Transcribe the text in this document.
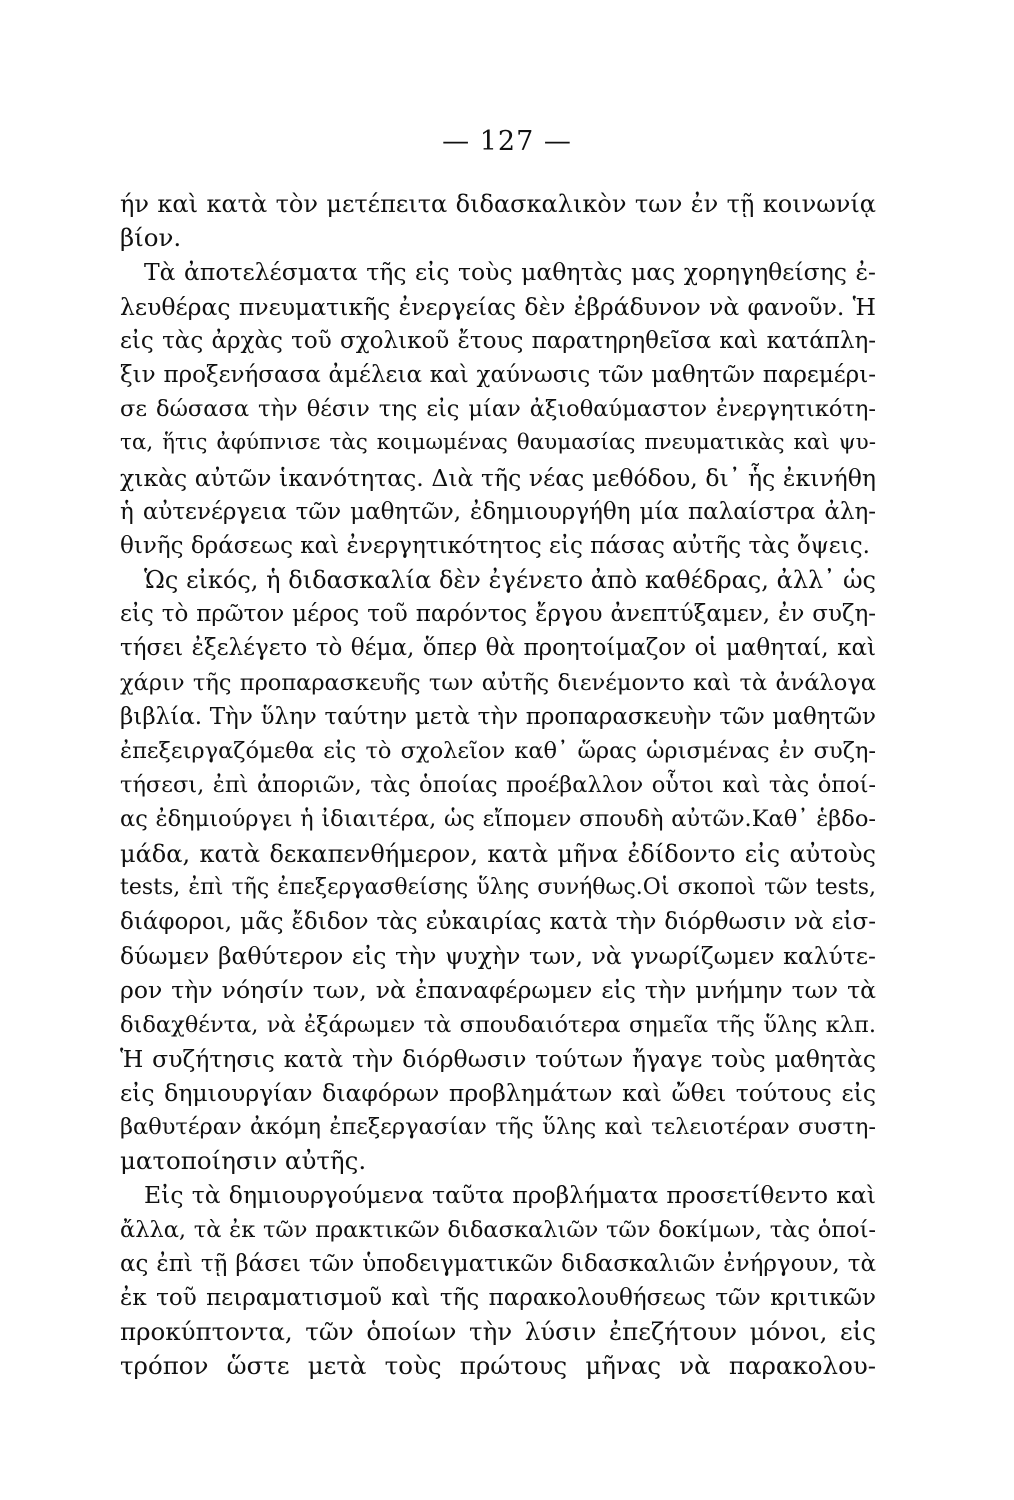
— 127 —
ήν καὶ κατὰ τὸν μετέπειτα διδασκαλικὸν των ἐν τῇ κοινωνίᾳ
βίον.
Τὰ ἀποτελέσματα τῆς εἰς τοὺς μαθητὰς μας χορηγηθείσης ἐ-
λευθέρας πνευματικῆς ἐνεργείας δὲν ἐβράδυνον νὰ φανοῦν. Ἡ
εἰς τὰς ἀρχὰς τοῦ σχολικοῦ ἔτους παρατηρηθεῖσα καὶ κατάπλη-
ξιν προξενήσασα ἀμέλεια καὶ χαύνωσις τῶν μαθητῶν παρεμέρι-
σε δώσασα τὴν θέσιν της εἰς μίαν ἀξιοθαύμαστον ἐνεργητικότη-
τα, ἥτις ἀφύπνισε τὰς κοιμωμένας θαυμασίας πνευματικὰς καὶ ψυ-
χικὰς αὐτῶν ἱκανότητας. Διὰ τῆς νέας μεθόδου, δι᾽ ἧς ἐκινήθη
ἡ αὐτενέργεια τῶν μαθητῶν, ἐδημιουργήθη μία παλαίστρα ἀλη-
θινῆς δράσεως καὶ ἐνεργητικότητος εἰς πάσας αὐτῆς τὰς ὄψεις.
Ὡς εἰκός, ἡ διδασκαλία δὲν ἐγένετο ἀπὸ καθέδρας, ἀλλ᾽ ὡς
εἰς τὸ πρῶτον μέρος τοῦ παρόντος ἔργου ἀνεπτύξαμεν, ἐν συζη-
τήσει ἐξελέγετο τὸ θέμα, ὅπερ θὰ προητοίμαζον οἱ μαθηταί, καὶ
χάριν τῆς προπαρασκευῆς των αὐτῆς διενέμοντο καὶ τὰ ἀνάλογα
βιβλία. Τὴν ὕλην ταύτην μετὰ τὴν προπαρασκευὴν τῶν μαθητῶν
ἐπεξειργαζόμεθα εἰς τὸ σχολεῖον καθ᾽ ὥρας ὡρισμένας ἐν συζη-
τήσεσι, ἐπὶ ἀποριῶν, τὰς ὁποίας προέβαλλον οὗτοι καὶ τὰς ὁποί-
ας ἐδημιούργει ἡ ἰδιαιτέρα, ὡς εἴπομεν σπουδὴ αὐτῶν.Καθ᾽ ἑβδο-
μάδα, κατὰ δεκαπενθήμερον, κατὰ μῆνα ἐδίδοντο εἰς αὐτοὺς
tests, ἐπὶ τῆς ἐπεξεργασθείσης ὕλης συνήθως.Οἱ σκοποὶ τῶν tests,
διάφοροι, μᾶς ἔδιδον τὰς εὐκαιρίας κατὰ τὴν διόρθωσιν νὰ εἰσ-
δύωμεν βαθύτερον εἰς τὴν ψυχὴν των, νὰ γνωρίζωμεν καλύτε-
ρον τὴν νόησίν των, νὰ ἐπαναφέρωμεν εἰς τὴν μνήμην των τὰ
διδαχθέντα, νὰ ἐξάρωμεν τὰ σπουδαιότερα σημεῖα τῆς ὕλης κλπ.
Ἡ συζήτησις κατὰ τὴν διόρθωσιν τούτων ἤγαγε τοὺς μαθητὰς
εἰς δημιουργίαν διαφόρων προβλημάτων καὶ ὤθει τούτους εἰς
βαθυτέραν ἀκόμη ἐπεξεργασίαν τῆς ὕλης καὶ τελειοτέραν συστη-
ματοποίησιν αὐτῆς.
Εἰς τὰ δημιουργούμενα ταῦτα προβλήματα προσετίθεντο καὶ
ἄλλα, τὰ ἐκ τῶν πρακτικῶν διδασκαλιῶν τῶν δοκίμων, τὰς ὁποί-
ας ἐπὶ τῇ βάσει τῶν ὑποδειγματικῶν διδασκαλιῶν ἐνήργουν, τὰ
ἐκ τοῦ πειραματισμοῦ καὶ τῆς παρακολουθήσεως τῶν κριτικῶν
προκύπτοντα, τῶν ὁποίων τὴν λύσιν ἐπεζήτουν μόνοι, εἰς
τρόπον ὥστε μετὰ τοὺς πρώτους μῆνας νὰ παρακολου-
